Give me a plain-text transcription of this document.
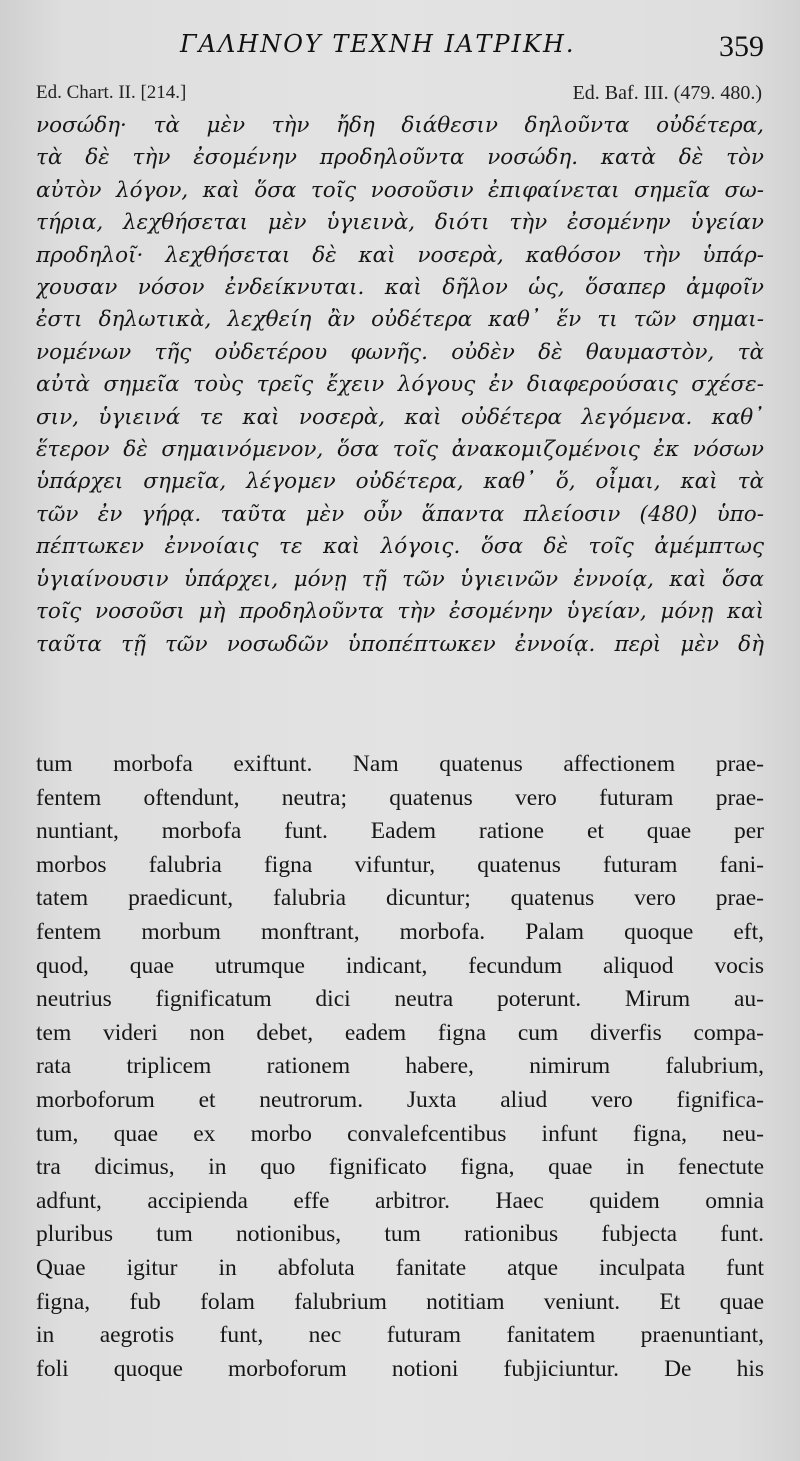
ΓΑΛΗΝΟΥ ΤΕΧΝΗ ΙΑΤΡΙΚΗ.	359
Ed. Chart. II. [214.]	Ed. Baf. III. (479. 480.)
νοσώδη· τὰ μὲν τὴν ἤδη διάθεσιν δηλοῦντα οὐδέτερα,
τὰ δὲ τὴν ἐσομένην προδηλοῦντα νοσώδη. κατὰ δὲ τὸν
αὐτὸν λόγον, καὶ ὅσα τοῖς νοσοῦσιν ἐπιφαίνεται σημεῖα σω-
τήρια, λεχθήσεται μὲν ὑγιεινὰ, διότι τὴν ἐσομένην ὑγείαν
προδηλοῖ· λεχθήσεται δὲ καὶ νοσερὰ, καθόσον τὴν ὑπάρ-
χουσαν νόσον ἐνδείκνυται. καὶ δῆλον ὡς, ὅσαπερ ἀμφοῖν
ἐστι δηλωτικὰ, λεχθείη ἂν οὐδέτερα καθ᾽ ἕν τι τῶν σημαι-
νομένων τῆς οὐδετέρου φωνῆς. οὐδὲν δὲ θαυμαστὸν, τὰ
αὐτὰ σημεῖα τοὺς τρεῖς ἔχειν λόγους ἐν διαφερούσαις σχέσε-
σιν, ὑγιεινά τε καὶ νοσερὰ, καὶ οὐδέτερα λεγόμενα. καθ᾽
ἕτερον δὲ σημαινόμενον, ὅσα τοῖς ἀνακομιζομένοις ἐκ νόσων
ὑπάρχει σημεῖα, λέγομεν οὐδέτερα, καθ᾽ ὅ, οἶμαι, καὶ τὰ
τῶν ἐν γήρᾳ. ταῦτα μὲν οὖν ἅπαντα πλείοσιν (480) ὑπο-
πέπτωκεν ἐννοίαις τε καὶ λόγοις. ὅσα δὲ τοῖς ἀμέμπτως
ὑγιαίνουσιν ὑπάρχει, μόνῃ τῇ τῶν ὑγιεινῶν ἐννοίᾳ, καὶ ὅσα
τοῖς νοσοῦσι μὴ προδηλοῦντα τὴν ἐσομένην ὑγείαν, μόνῃ καὶ
ταῦτα τῇ τῶν νοσωδῶν ὑποπέπτωκεν ἐννοίᾳ. περὶ μὲν δὴ
tum morbofa exiftunt. Nam quatenus affectionem prae-
fentem oftendunt, neutra; quatenus vero futuram prae-
nuntiant, morbofa funt. Eadem ratione et quae per
morbos falubria figna vifuntur, quatenus futuram fani-
tatem praedicunt, falubria dicuntur; quatenus vero prae-
fentem morbum monftrant, morbofa. Palam quoque eft,
quod, quae utrumque indicant, fecundum aliquod vocis
neutrius fignificatum dici neutra poterunt. Mirum au-
tem videri non debet, eadem figna cum diverfis compa-
rata triplicem rationem habere, nimirum falubrium,
morboforum et neutrorum. Juxta aliud vero fignifica-
tum, quae ex morbo convalefcentibus infunt figna, neu-
tra dicimus, in quo fignificato figna, quae in fenectute
adfunt, accipienda effe arbitror. Haec quidem omnia
pluribus tum notionibus, tum rationibus fubjecta funt.
Quae igitur in abfoluta fanitate atque inculpata funt
figna, fub folam falubrium notitiam veniunt. Et quae
in aegrotis funt, nec futuram fanitatem praenuntiant,
foli quoque morboforum notioni fubjiciuntur. De his
